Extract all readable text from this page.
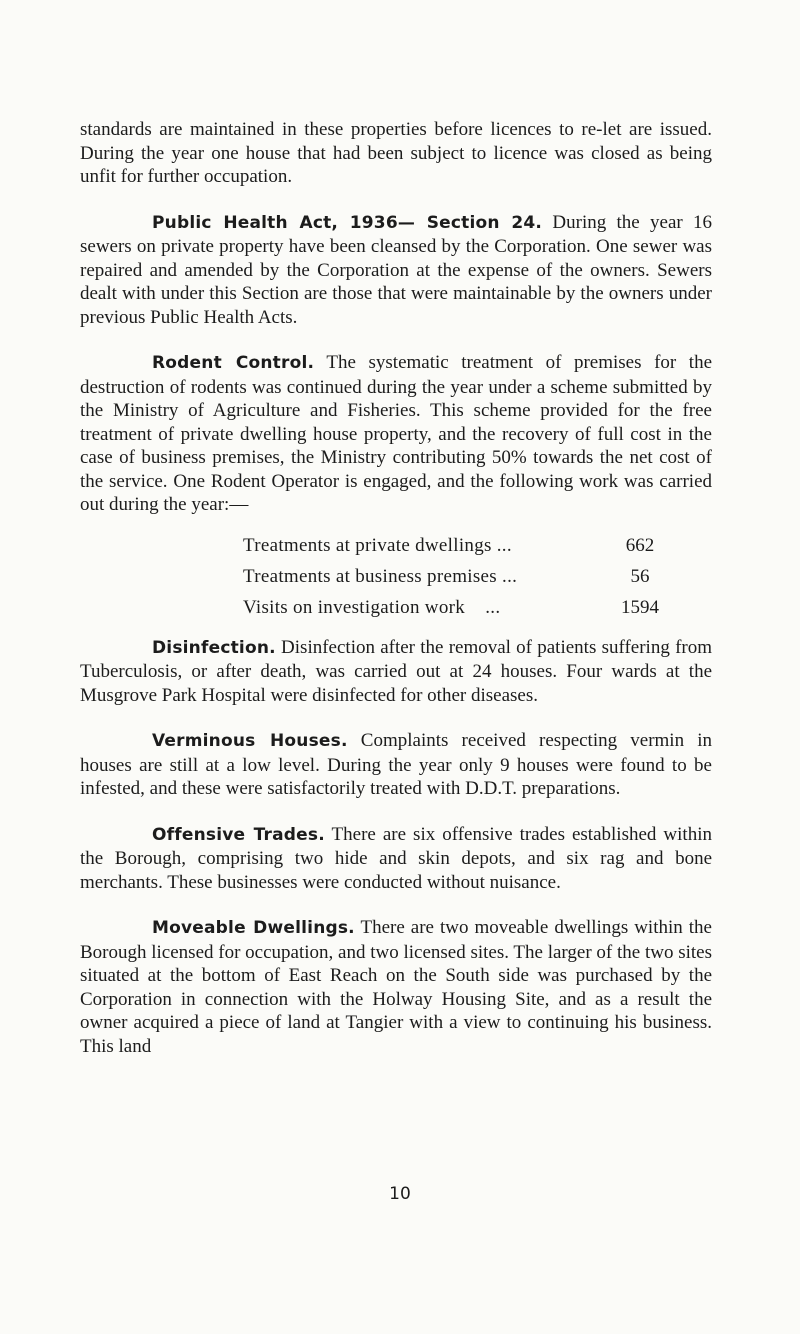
standards are maintained in these properties before licences to re-let are issued. During the year one house that had been subject to licence was closed as being unfit for further occupation.

Public Health Act, 1936— Section 24. During the year 16 sewers on private property have been cleansed by the Corporation. One sewer was repaired and amended by the Corporation at the expense of the owners. Sewers dealt with under this Section are those that were maintainable by the owners under previous Public Health Acts.

Rodent Control. The systematic treatment of premises for the destruction of rodents was continued during the year under a scheme submitted by the Ministry of Agriculture and Fisheries. This scheme provided for the free treatment of private dwelling house property, and the recovery of full cost in the case of business premises, the Ministry contributing 50% towards the net cost of the service. One Rodent Operator is engaged, and the following work was carried out during the year:—

Treatments at private dwellings ...	662
Treatments at business premises ...	56
Visits on investigation work    ...	1594

Disinfection. Disinfection after the removal of patients suffering from Tuberculosis, or after death, was carried out at 24 houses. Four wards at the Musgrove Park Hospital were disinfected for other diseases.

Verminous Houses. Complaints received respecting vermin in houses are still at a low level. During the year only 9 houses were found to be infested, and these were satisfactorily treated with D.D.T. preparations.

Offensive Trades. There are six offensive trades established within the Borough, comprising two hide and skin depots, and six rag and bone merchants. These businesses were conducted without nuisance.

Moveable Dwellings. There are two moveable dwellings within the Borough licensed for occupation, and two licensed sites. The larger of the two sites situated at the bottom of East Reach on the South side was purchased by the Corporation in connection with the Holway Housing Site, and as a result the owner acquired a piece of land at Tangier with a view to continuing his business. This land

10
